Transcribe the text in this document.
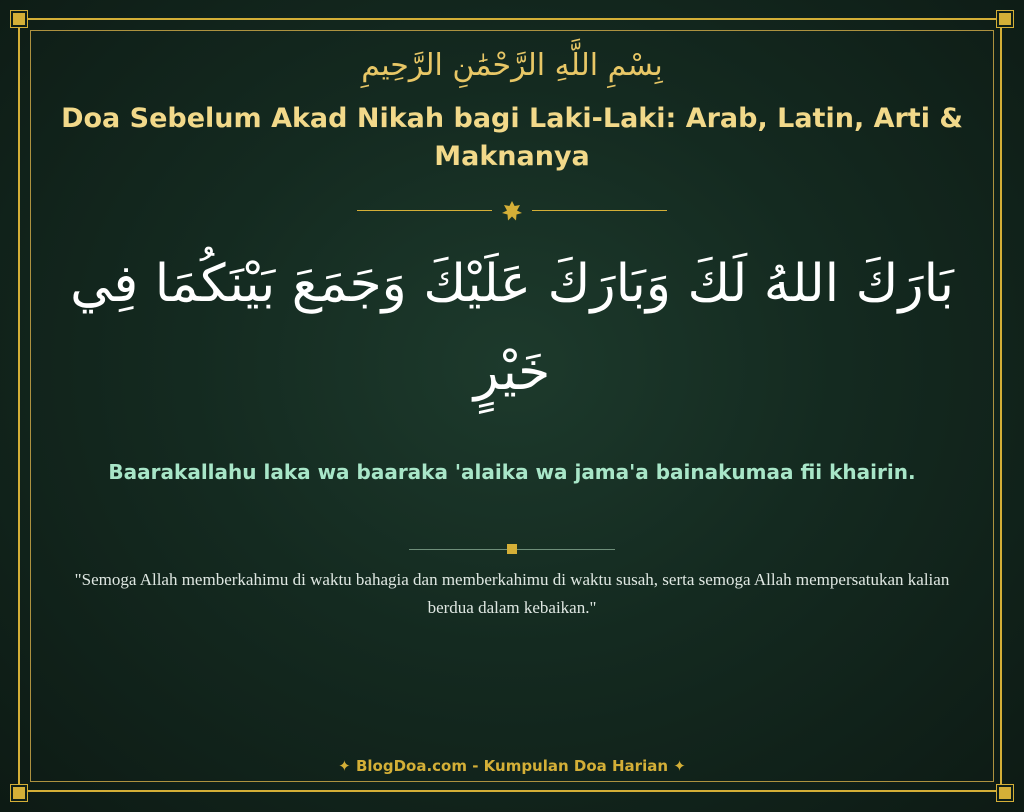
بِسْمِ اللَّهِ الرَّحْمَٰنِ الرَّحِيمِ
Doa Sebelum Akad Nikah bagi Laki-Laki: Arab, Latin, Arti & Maknanya
بَارَكَ اللهُ لَكَ وَبَارَكَ عَلَيْكَ وَجَمَعَ بَيْنَكُمَا فِي خَيْرٍ
Baarakallahu laka wa baaraka 'alaika wa jama'a bainakumaa fii khairin.
"Semoga Allah memberkahimu di waktu bahagia dan memberkahimu di waktu susah, serta semoga Allah mempersatukan kalian berdua dalam kebaikan."
✦ BlogDoa.com - Kumpulan Doa Harian ✦
